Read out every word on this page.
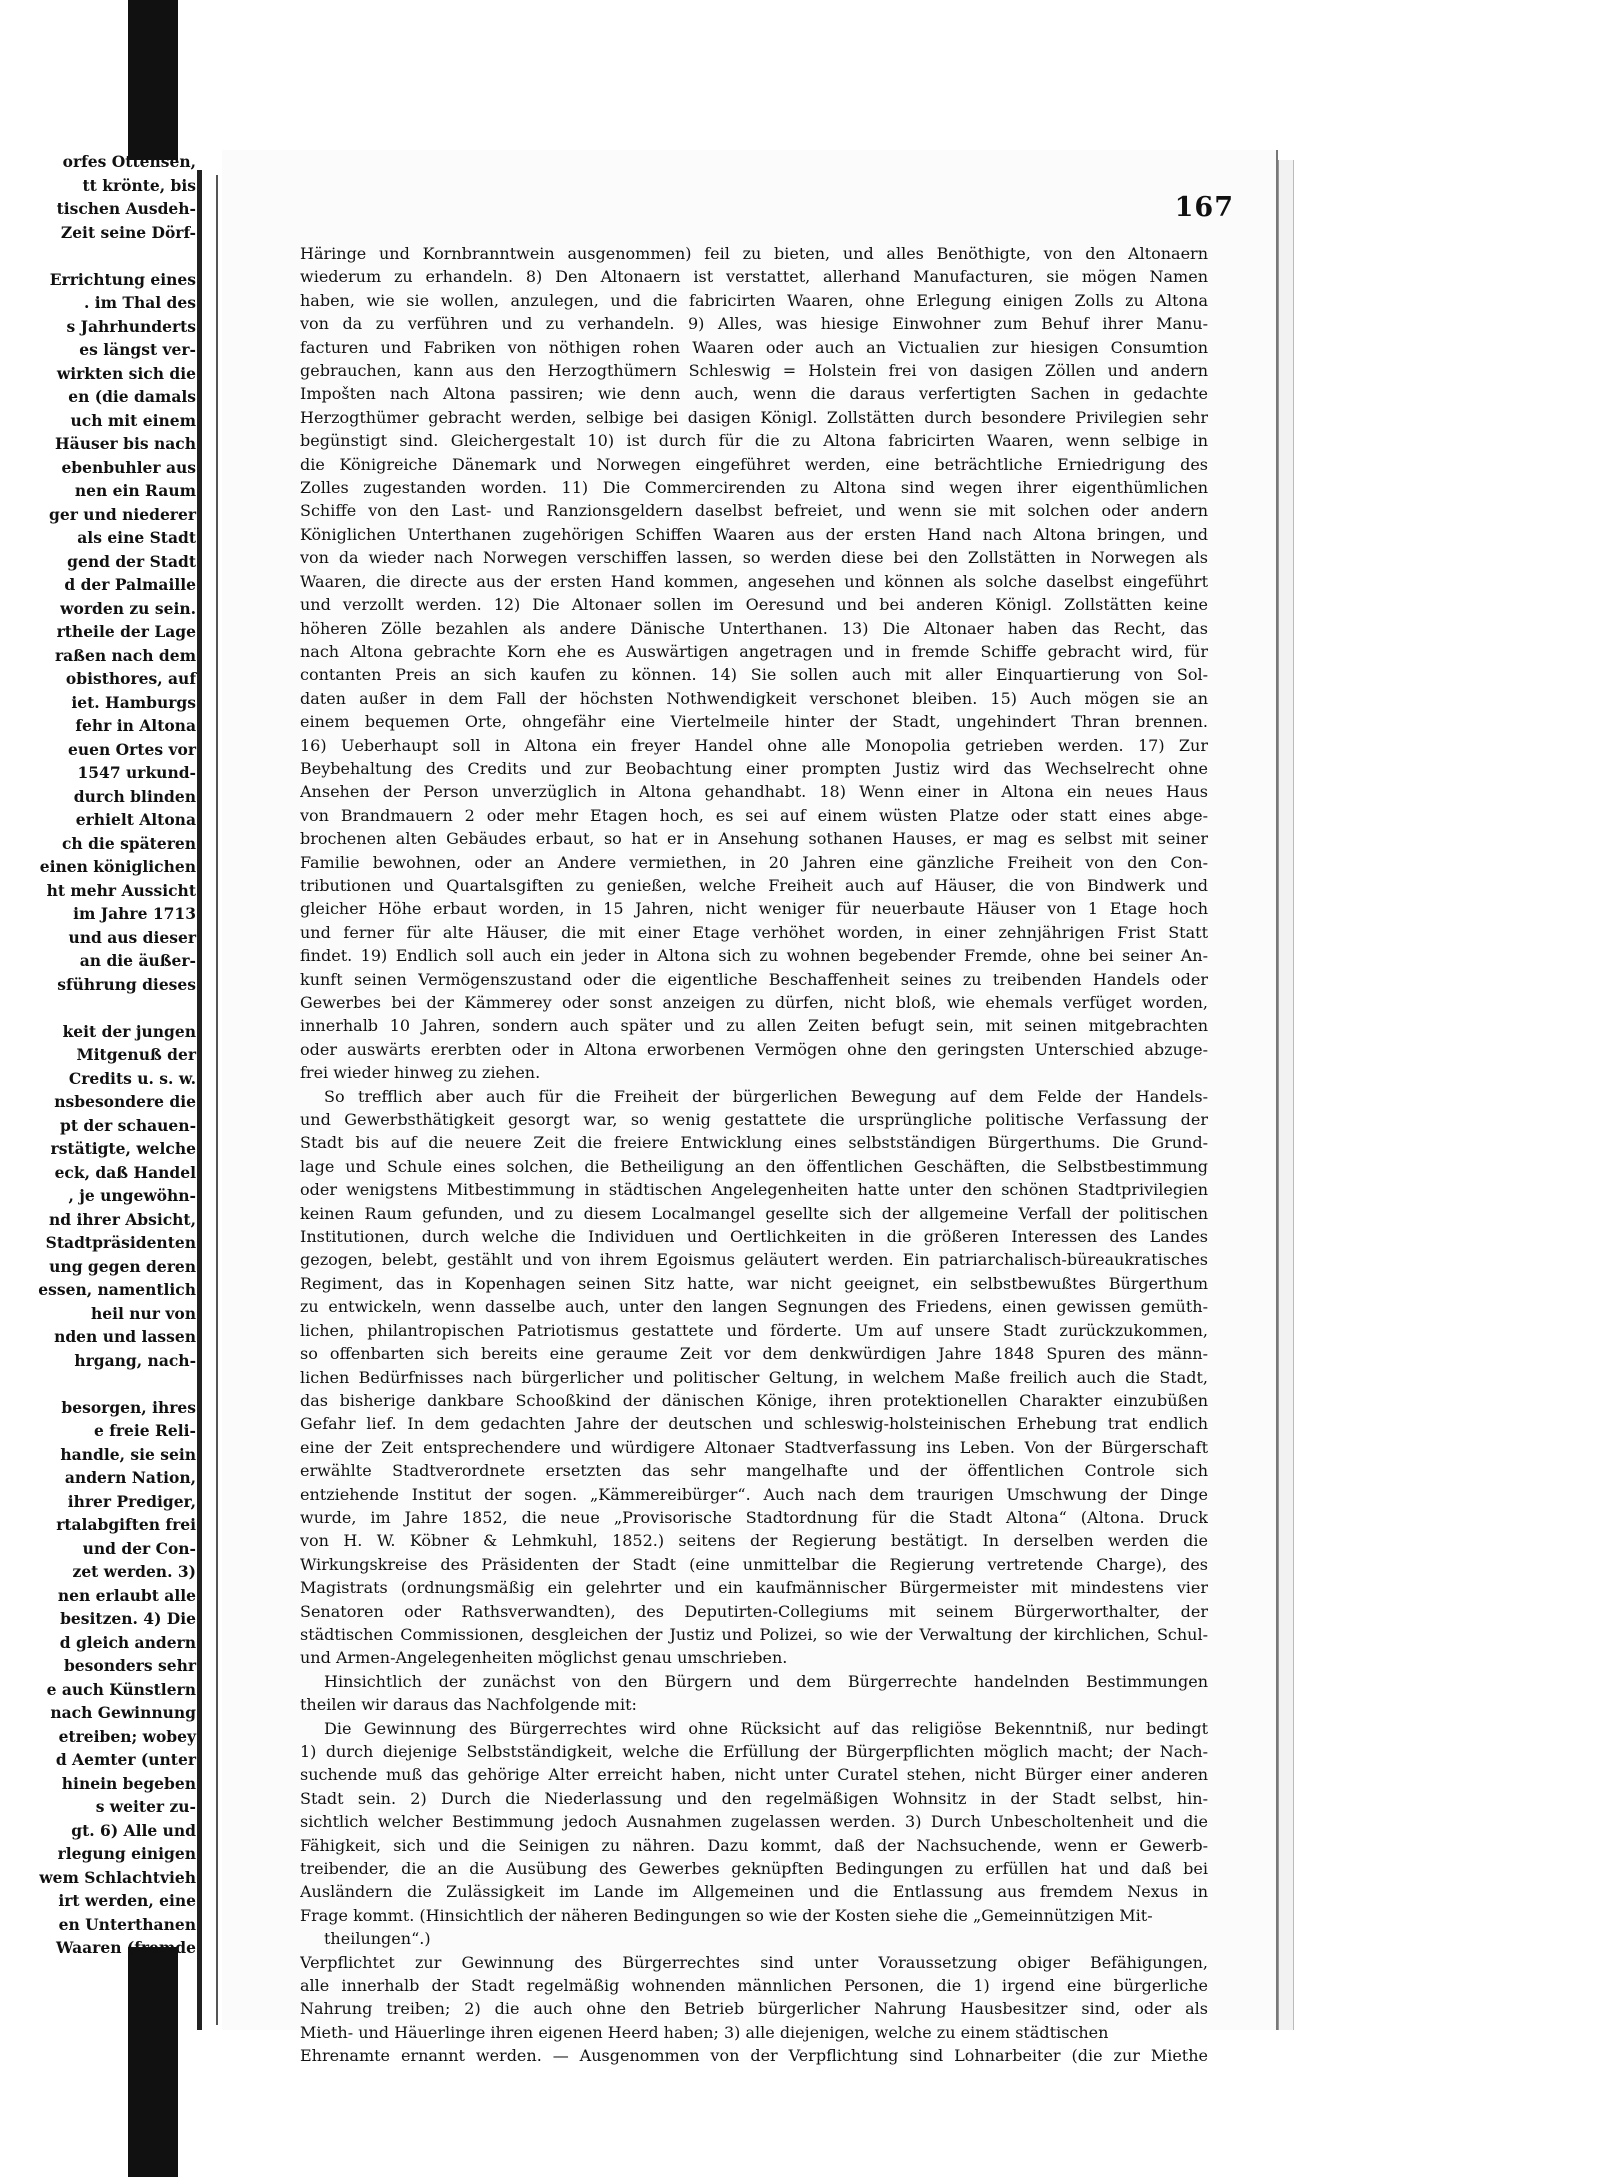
orfes Ottensen,
tt kröntе, bis
tischen Ausdeh-
Zeit seine Dörf-
Errichtung eines
. im Thal des
s Jahrhunderts
es längst ver-
wirkten sich die
en (die damals
uch mit einem
Häuser bis nach
ebenbuhler aus
nen ein Raum
ger und niederer
als eine Stadt
gend der Stadt
d der Palmaille
worden zu sein.
rtheile der Lage
raßen nach dem
obisthores, auf
iet. Hamburgs
fehr in Altona
euen Ortes vor
1547 urkund-
durch blinden
erhielt Altona
ch die späteren
einen königlichen
ht mehr Aussicht
im Jahre 1713
und aus dieser
an die äußer-
sführung dieses
keit der jungen
Mitgenuß der
Credits u. s. w.
nsbesondere die
pt der schauen-
rstätigte, welche
eck, daß Handel
, je ungewöhn-
nd ihrer Absicht,
Stadtpräsidenten
ung gegen deren
essen, namentlich
heil nur von
nden und lassen
hrgang, nach-
besorgen, ihres
e freie Reli-
handle, sie sein
andern Nation,
ihrer Prediger,
rtalabgiften frei
und der Con-
zet werden. 3)
nen erlaubt alle
besitzen. 4) Die
d gleich andern
besonders sehr
e auch Künstlern
nach Gewinnung
etreiben; wobey
d Aemter (unter
hinein begeben
s weiter zu-
gt. 6) Alle und
rlegung einigen
wem Schlachtvieh
irt werden, eine
en Unterthanen
Waaren (fremde
167
Häringe und Kornbranntwein ausgenommen) feil zu bieten, und alles Benöthigte, von den Altonaern
wiederum zu erhandeln. 8) Den Altonaern ist verstattet, allerhand Manufacturen, sie mögen Namen
haben, wie sie wollen, anzulegen, und die fabricirten Waaren, ohne Erlegung einigen Zolls zu Altona
von da zu verführen und zu verhandeln. 9) Alles, was hiesige Einwohner zum Behuf ihrer Manu-
facturen und Fabriken von nöthigen rohen Waaren oder auch an Victualien zur hiesigen Consumtion
gebrauchen, kann aus den Herzogthümern Schleswig = Holstein frei von dasigen Zöllen und andern
Impošten nach Altona passiren; wie denn auch, wenn die daraus verfertigten Sachen in gedachte
Herzogthümer gebracht werden, selbige bei dasigen Königl. Zollstätten durch besondere Privilegien sehr
begünstigt sind. Gleichergestalt 10) ist durch für die zu Altona fabricirten Waaren, wenn selbige in
die Königreiche Dänemark und Norwegen eingeführet werden, eine beträchtliche Erniedrigung des
Zolles zugestanden worden. 11) Die Commercirenden zu Altona sind wegen ihrer eigenthümlichen
Schiffe von den Last- und Ranzionsgeldern daselbst befreiet, und wenn sie mit solchen oder andern
Königlichen Unterthanen zugehörigen Schiffen Waaren aus der ersten Hand nach Altona bringen, und
von da wieder nach Norwegen verschiffen lassen, so werden diese bei den Zollstätten in Norwegen als
Waaren, die directe aus der ersten Hand kommen, angesehen und können als solche daselbst eingeführt
und verzollt werden. 12) Die Altonaer sollen im Oeresund und bei anderen Königl. Zollstätten keine
höheren Zölle bezahlen als andere Dänische Unterthanen. 13) Die Altonaer haben das Recht, das
nach Altona gebrachte Korn ehe es Auswärtigen angetragen und in fremde Schiffe gebracht wird, für
contanten Preis an sich kaufen zu können. 14) Sie sollen auch mit aller Einquartierung von Sol-
daten außer in dem Fall der höchsten Nothwendigkeit verschonet bleiben. 15) Auch mögen sie an
einem bequemen Orte, ohngefähr eine Viertelmeile hinter der Stadt, ungehindert Thran brennen.
16) Ueberhaupt soll in Altona ein freyer Handel ohne alle Monopolia getrieben werden. 17) Zur
Beybehaltung des Credits und zur Beobachtung einer prompten Justiz wird das Wechselrecht ohne
Ansehen der Person unverzüglich in Altona gehandhabt. 18) Wenn einer in Altona ein neues Haus
von Brandmauern 2 oder mehr Etagen hoch, es sei auf einem wüsten Platze oder statt eines abge-
brochenen alten Gebäudes erbaut, so hat er in Ansehung sothanen Hauses, er mag es selbst mit seiner
Familie bewohnen, oder an Andere vermiethen, in 20 Jahren eine gänzliche Freiheit von den Con-
tributionen und Quartalsgiften zu genießen, welche Freiheit auch auf Häuser, die von Bindwerk und
gleicher Höhe erbaut worden, in 15 Jahren, nicht weniger für neuerbaute Häuser von 1 Etage hoch
und ferner für alte Häuser, die mit einer Etage verhöhet worden, in einer zehnjährigen Frist Statt
findet. 19) Endlich soll auch ein jeder in Altona sich zu wohnen begebender Fremde, ohne bei seiner An-
kunft seinen Vermögenszustand oder die eigentliche Beschaffenheit seines zu treibenden Handels oder
Gewerbes bei der Kämmerey oder sonst anzeigen zu dürfen, nicht bloß, wie ehemals verfüget worden,
innerhalb 10 Jahren, sondern auch später und zu allen Zeiten befugt sein, mit seinen mitgebrachten
oder auswärts ererbten oder in Altona erworbenen Vermögen ohne den geringsten Unterschied abzuge-
frei wieder hinweg zu ziehen.
So trefflich aber auch für die Freiheit der bürgerlichen Bewegung auf dem Felde der Handels-
und Gewerbsthätigkeit gesorgt war, so wenig gestattete die ursprüngliche politische Verfassung der
Stadt bis auf die neuere Zeit die freiere Entwicklung eines selbstständigen Bürgerthums. Die Grund-
lage und Schule eines solchen, die Betheiligung an den öffentlichen Geschäften, die Selbstbestimmung
oder wenigstens Mitbestimmung in städtischen Angelegenheiten hatte unter den schönen Stadtprivilegien
keinen Raum gefunden, und zu diesem Localmangel gesellte sich der allgemeine Verfall der politischen
Institutionen, durch welche die Individuen und Oertlichkeiten in die größeren Interessen des Landes
gezogen, belebt, gestählt und von ihrem Egoismus geläutert werden. Ein patriarchalisch-büreaukratisches
Regiment, das in Kopenhagen seinen Sitz hatte, war nicht geeignet, ein selbstbewußtes Bürgerthum
zu entwickeln, wenn dasselbe auch, unter den langen Segnungen des Friedens, einen gewissen gemüth-
lichen, philantropischen Patriotismus gestattete und förderte. Um auf unsere Stadt zurückzukommen,
so offenbarten sich bereits eine geraume Zeit vor dem denkwürdigen Jahre 1848 Spuren des männ-
lichen Bedürfnisses nach bürgerlicher und politischer Geltung, in welchem Maße freilich auch die Stadt,
das bisherige dankbare Schooßkind der dänischen Könige, ihren protektionellen Charakter einzubüßen
Gefahr lief. In dem gedachten Jahre der deutschen und schleswig-holsteinischen Erhebung trat endlich
eine der Zeit entsprechendere und würdigere Altonaer Stadtverfassung ins Leben. Von der Bürgerschaft
erwählte Stadtverordnete ersetzten das sehr mangelhafte und der öffentlichen Controle sich
entziehende Institut der sogen. „Kämmereibürger“. Auch nach dem traurigen Umschwung der Dinge
wurde, im Jahre 1852, die neue „Provisorische Stadtordnung für die Stadt Altona“ (Altona. Druck
von H. W. Köbner & Lehmkuhl, 1852.) seitens der Regierung bestätigt. In derselben werden die
Wirkungskreise des Präsidenten der Stadt (eine unmittelbar die Regierung vertretende Charge), des
Magistrats (ordnungsmäßig ein gelehrter und ein kaufmännischer Bürgermeister mit mindestens vier
Senatoren oder Rathsverwandten), des Deputirten-Collegiums mit seinem Bürgerworthalter, der
städtischen Commissionen, desgleichen der Justiz und Polizei, so wie der Verwaltung der kirchlichen, Schul-
und Armen-Angelegenheiten möglichst genau umschrieben.
Hinsichtlich der zunächst von den Bürgern und dem Bürgerrechte handelnden Bestimmungen
theilen wir daraus das Nachfolgende mit:
Die Gewinnung des Bürgerrechtes wird ohne Rücksicht auf das religiöse Bekenntniß, nur bedingt
1) durch diejenige Selbstständigkeit, welche die Erfüllung der Bürgerpflichten möglich macht; der Nach-
suchende muß das gehörige Alter erreicht haben, nicht unter Curatel stehen, nicht Bürger einer anderen
Stadt sein. 2) Durch die Niederlassung und den regelmäßigen Wohnsitz in der Stadt selbst, hin-
sichtlich welcher Bestimmung jedoch Ausnahmen zugelassen werden. 3) Durch Unbescholtenheit und die
Fähigkeit, sich und die Seinigen zu nähren. Dazu kommt, daß der Nachsuchende, wenn er Gewerb-
treibender, die an die Ausübung des Gewerbes geknüpften Bedingungen zu erfüllen hat und daß bei
Ausländern die Zulässigkeit im Lande im Allgemeinen und die Entlassung aus fremdem Nexus in
Frage kommt. (Hinsichtlich der näheren Bedingungen so wie der Kosten siehe die „Gemeinnützigen Mit-
theilungen“.)
Verpflichtet zur Gewinnung des Bürgerrechtes sind unter Voraussetzung obiger Befähigungen,
alle innerhalb der Stadt regelmäßig wohnenden männlichen Personen, die 1) irgend eine bürgerliche
Nahrung treiben; 2) die auch ohne den Betrieb bürgerlicher Nahrung Hausbesitzer sind, oder als
Mieth- und Häuerlinge ihren eigenen Heerd haben; 3) alle diejenigen, welche zu einem städtischen
Ehrenamte ernannt werden. — Ausgenommen von der Verpflichtung sind Lohnarbeiter (die zur Miethe
